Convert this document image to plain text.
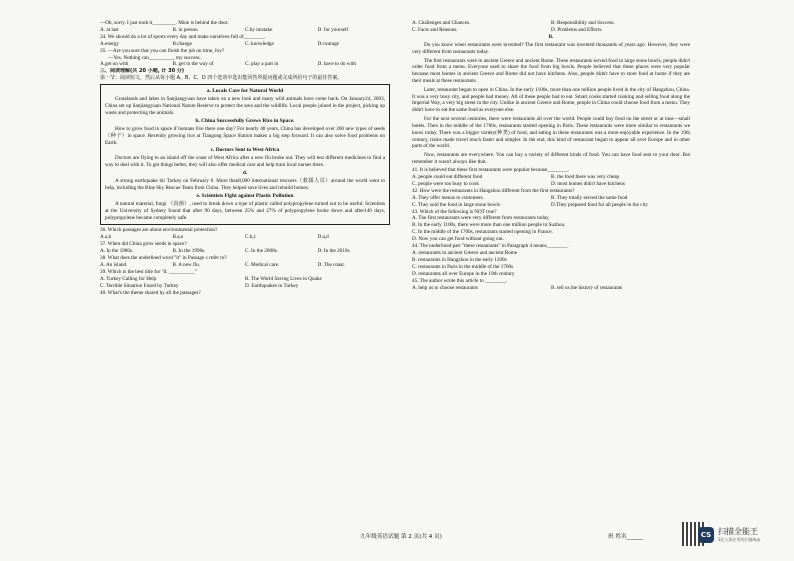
—Oh, sorry. I just took it_________. Mine is behind the door.
A. at last	B. in person	C.by mistake	D. for yourself
34. We should do a lot of sports every day and make ourselves full of________.
A.energy	B.change	C. knowledge	D.courage
35. —Are you sure that you can finish the job on time, Joy?
—Yes. Nothing can__________ my success.
A.get on with	B. get in the way of	C. play a part in	D. have to do with
三、阅读理解(共 20 小题, 计 30 分)
第一节：阅读短文，然后从每小题 A、B、C、D 四个选项中选出能回答所提问题或完成所给句子的最佳答案。
a. Locals Care for Natural World

Grasslands and lakes in Sanjiangyuan have taken on a new look and many wild animals have come back. On January24, 2003, China set up Sanjiangyuan National Nature Reserve to protect the area and the wildlife. Local people joined in the project, picking up waste and protecting the animals.

b. China Successfully Grows Rice in Space.

How to grow food in space if humans live there one day? For nearly 40 years, China has developed over 260 new types of seeds（种子）in space. Recently growing rice at Tiangong Space Station makes a big step forward. It can also solve food problems on Earth.

c. Doctors Sent to West Africa

Doctors are flying to an island off the coast of West Africa after a new flu broke out. They will test different medicines to find a way to deal with it. To get things better, they will also offer medical care and help train local nurses there.

d.

A strong earthquake hit Turkey on February 6. More than8,000 international rescuers（救援人员）around the world went to help, including the Blue Sky Rescue Team from China. They helped save lives and rebuild homes.

e. Scientists Fight against Plastic Pollution

A natural material, fungi （真菌）, used to break down a type of plastic called polypropylene turned out to be useful. Scientists at the University of Sydney found that after 90 days, between 25% and 27% of polypropylene broke down and after140 days, polypropylene became completely safe.

36. Which passages are about environmental protection?
A.a,b	B.a,e	C.b,c	D.a,d
37. When did China grow seeds in space?
A. In the 1980s.	B. In the 1990s.	C. In the 2000s.	D. In the 2010s
38. What does the underlined word "it" in Passage c refer to?
A. An island.	B. A new flu.	C. Medical care.	D. The coast.
39. Which is the best title for "d. __________"
A. Turkey Calling for Help	B. The World Saving Lives in Quake
C. Terrible Situation Faced by Turkey	D. Earthquakes in Turkey
40. What's the theme shared by all the passages?
A. Challenges and Chances.	B. Responsibility and Success.
C. Facts and Reasons.	D. Problems and Efforts.
B.
Do you know when restaurants were invented? The first restaurant was invented thousands of years ago. However, they were very different from restaurants today.
The first restaurants were in ancient Greece and ancient Rome. These restaurants served food in large stone bowls, people didn't order food from a menu. Everyone used to share the food from big bowls. People believed that these places were very popular because most homes in ancient Greece and Rome did not have kitchens. Also, people didn't have to store food at home if they ate their meals at these restaurants.
Later, restaurant began to open in China. In the early 1100s, more than one million people lived in the city of Hangzhou, China. It was a very busy city, and people had money. All of these people had to eat. Smart cooks started cooking and selling food along the Imperial Way, a very big street in the city. Unlike in ancient Greece and Rome, people in China could choose food from a menu. They didn't have to eat the same food as everyone else.
For the next several centuries, there were restaurants all over the world. People could buy food on the street or at inns—small hotels. Then in the middle of the 1700s, restaurants started opening in Paris. These restaurants were more similar to restaurants we know today. There was a bigger variety(种类) of food, and eating in these restaurants was a more enjoyable experience. In the 19th century, trains made travel much faster and simpler. In the end, this kind of restaurant began to appear all over Europe and in other parts of the world.
Now, restaurants are everywhere. You can buy a variety of different kinds of food. You can have food sent to your door. But remember it wasn't always like that.
41. It is believed that these first restaurants were popular because________.
A. people could eat different food	B. the food there was very cheap
C. people were too busy to cook	D. most homes didn't have kitchens
42. How were the restaurants in Hangzhou different from the first restaurants?
A. They offer menus to customers.	B. They totally served the same food
C. They sold the food in large stone bowls	D.They prepared food for all people in the city
43. Which of the following is NOT true?
A. The first restaurants were very different from restaurants today.
B. In the early 1100s, there were more than one million people in Suzhou.
C. In the middle of the 1700s, restaurants started opening in France.
D. Now you can get food without going out.
44. The underlined part "these restaurants" in Paragraph 4 means________.
A. restaurants in ancient Greece and ancient Rome
B. restaurants in Hangzhou in the early 1100s
C. restaurants in Paris in the middle of the 1700s
D. restaurants all over Europe in the 19th century
45. The author wrote this article to ________.
A. help us to choose restaurants	B. tell us the history of restaurants
九年级英语试题 第 2 页(共 4 页)	班 姓名______	CS 扫描全能王
3亿人都在用的扫描App
